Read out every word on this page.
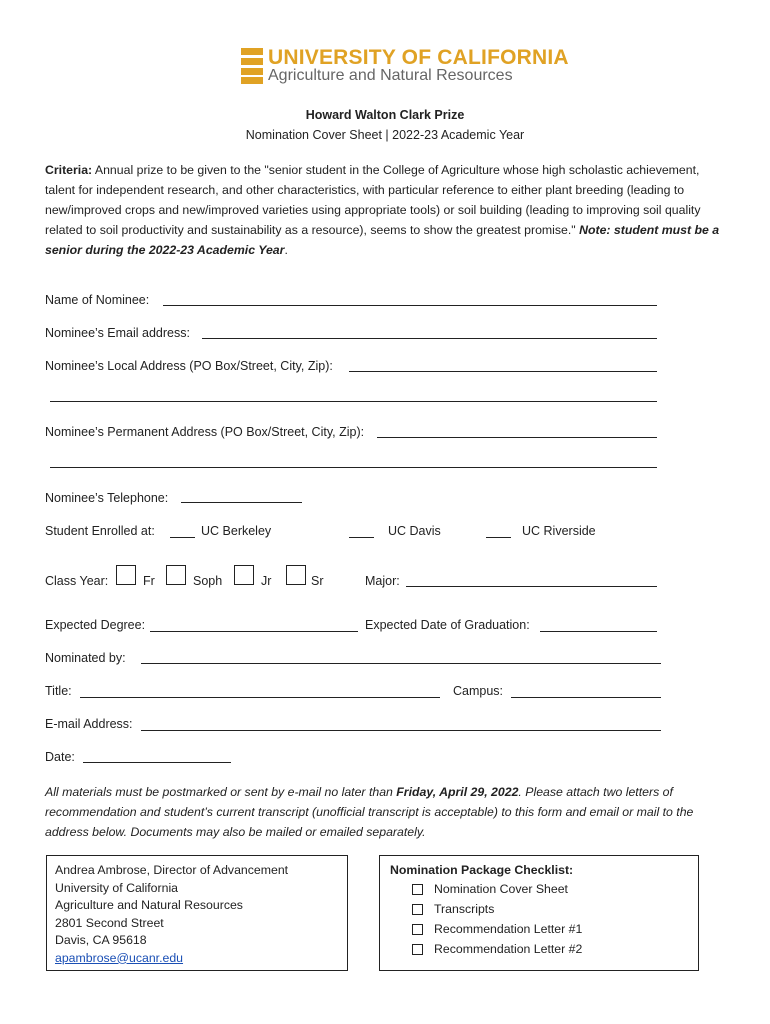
UNIVERSITY OF CALIFORNIA
Agriculture and Natural Resources
Howard Walton Clark Prize
Nomination Cover Sheet | 2022-23 Academic Year
Criteria: Annual prize to be given to the "senior student in the College of Agriculture whose high scholastic achievement, talent for independent research, and other characteristics, with particular reference to either plant breeding (leading to new/improved crops and new/improved varieties using appropriate tools) or soil building (leading to improving soil quality related to soil productivity and sustainability as a resource), seems to show the greatest promise." Note: student must be a senior during the 2022-23 Academic Year.
Name of Nominee:
Nominee’s Email address:
Nominee’s Local Address (PO Box/Street, City, Zip):
Nominee’s Permanent Address (PO Box/Street, City, Zip):
Nominee’s Telephone:
Student Enrolled at:	UC Berkeley	UC Davis	UC Riverside
Class Year:	Fr	Soph	Jr	Sr	Major:
Expected Degree:	Expected Date of Graduation:
Nominated by:
Title:	Campus:
E-mail Address:
Date:
All materials must be postmarked or sent by e-mail no later than Friday, April 29, 2022. Please attach two letters of recommendation and student’s current transcript (unofficial transcript is acceptable) to this form and email or mail to the address below. Documents may also be mailed or emailed separately.
Andrea Ambrose, Director of Advancement
University of California
Agriculture and Natural Resources
2801 Second Street
Davis, CA 95618
apambrose@ucanr.edu
Nomination Package Checklist:
Nomination Cover Sheet
Transcripts
Recommendation Letter #1
Recommendation Letter #2
